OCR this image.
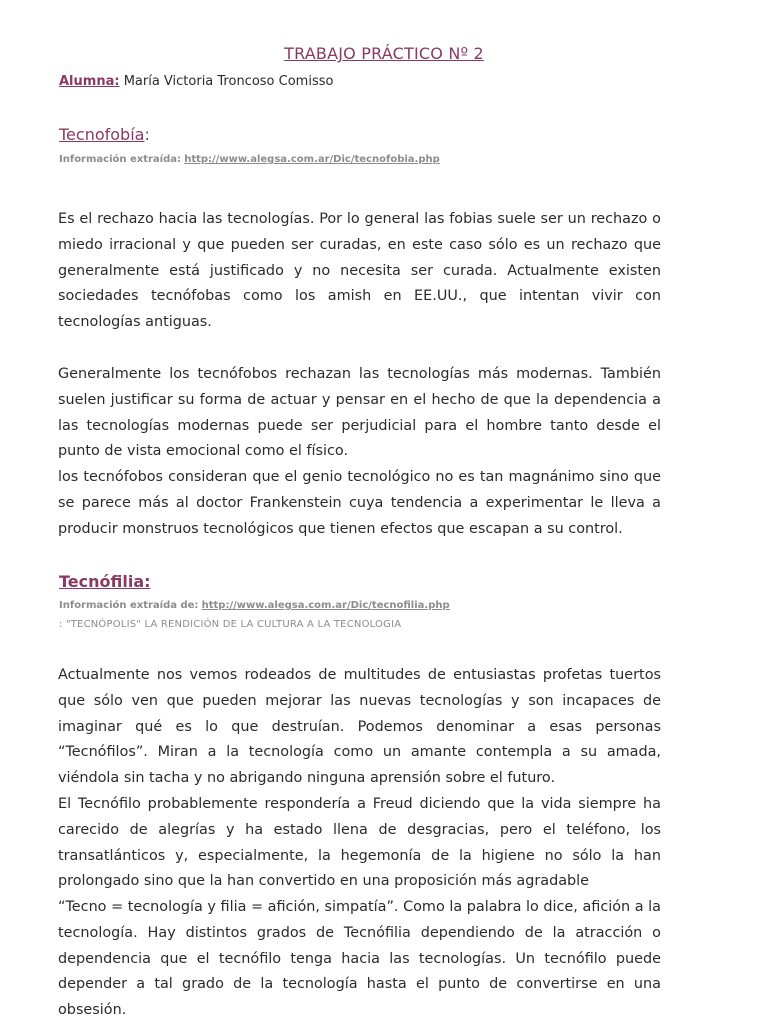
TRABAJO PRÁCTICO Nº 2
Alumna: María Victoria Troncoso Comisso
Tecnofobía:
Información extraída: http://www.alegsa.com.ar/Dic/tecnofobia.php

Es el rechazo hacia las tecnologías. Por lo general las fobias suele ser un rechazo o miedo irracional y que pueden ser curadas, en este caso sólo es un rechazo que generalmente está justificado y no necesita ser curada. Actualmente existen sociedades tecnófobas como los amish en EE.UU., que intentan vivir con tecnologías antiguas.

Generalmente los tecnófobos rechazan las tecnologías más modernas. También suelen justificar su forma de actuar y pensar en el hecho de que la dependencia a las tecnologías modernas puede ser perjudicial para el hombre tanto desde el punto de vista emocional como el físico.

los tecnófobos consideran que el genio tecnológico no es tan magnánimo sino que se parece más al doctor Frankenstein cuya tendencia a experimentar le lleva a producir monstruos tecnológicos que tienen efectos que escapan a su control.

Tecnófilia:
Información extraída de: http://www.alegsa.com.ar/Dic/tecnofilia.php
: "TECNÓPOLIS" LA RENDICIÓN DE LA CULTURA A LA TECNOLOGIA

Actualmente nos vemos rodeados de multitudes de entusiastas profetas tuertos que sólo ven que pueden mejorar las nuevas tecnologías y son incapaces de imaginar qué es lo que destruían. Podemos denominar a esas personas “Tecnófilos”. Miran a la tecnología como un amante contempla a su amada, viéndola sin tacha y no abrigando ninguna aprensión sobre el futuro.

El Tecnófilo probablemente respondería a Freud diciendo que la vida siempre ha carecido de alegrías y ha estado llena de desgracias, pero el teléfono, los transatlánticos y, especialmente, la hegemonía de la higiene no sólo la han prolongado sino que la han convertido en una proposición más agradable

“Tecno = tecnología y filia = afición, simpatía”. Como la palabra lo dice, afición a la tecnología. Hay distintos grados de Tecnófilia dependiendo de la atracción o dependencia que el tecnófilo tenga hacia las tecnologías. Un tecnófilo puede depender a tal grado de la tecnología hasta el punto de convertirse en una obsesión.
